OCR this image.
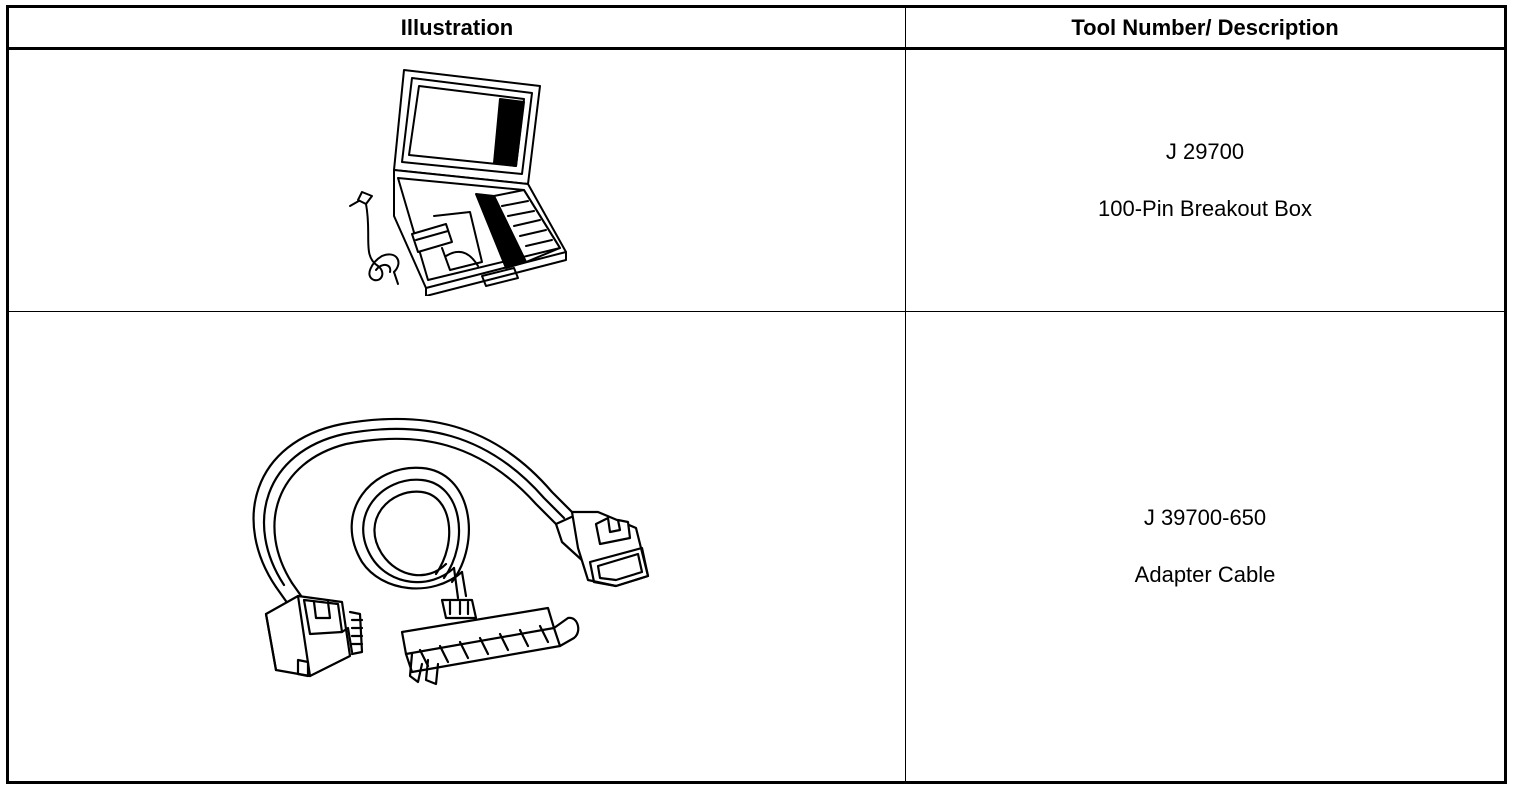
Illustration	Tool Number/ Description
J 29700
100-Pin Breakout Box
J 39700-650
Adapter Cable
